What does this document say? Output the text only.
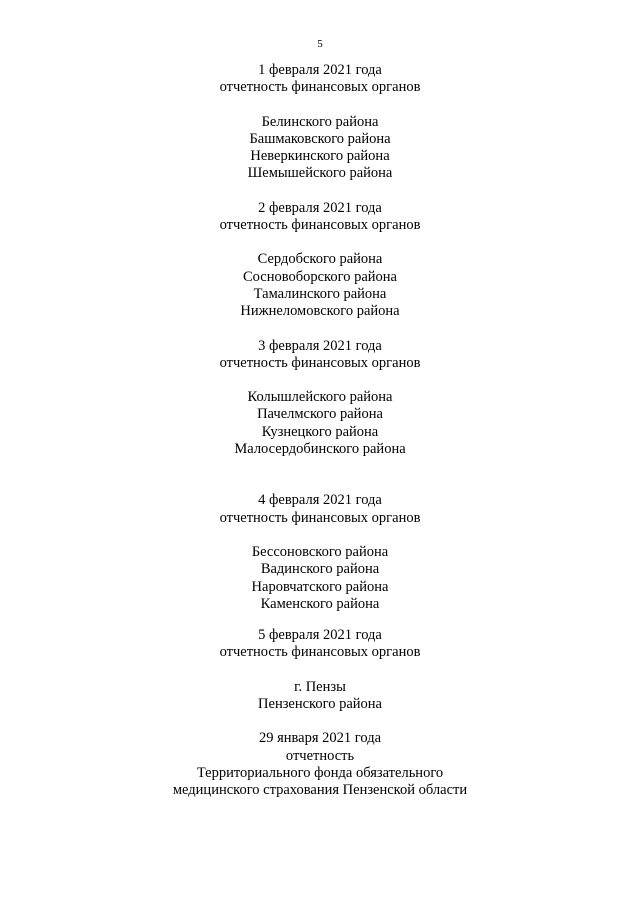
5
1 февраля 2021 года
отчетность финансовых органов
Белинского района
Башмаковского района
Неверкинского района
Шемышейского района
2 февраля 2021 года
отчетность финансовых органов
Сердобского района
Сосновоборского района
Тамалинского района
Нижнеломовского района
3 февраля 2021 года
отчетность финансовых органов
Колышлейского района
Пачелмского района
Кузнецкого района
Малосердобинского района
4 февраля 2021 года
отчетность финансовых органов
Бессоновского района
Вадинского района
Наровчатского района
Каменского района
5 февраля 2021 года
отчетность финансовых органов
г. Пензы
Пензенского района
29 января 2021 года
отчетность
Территориального фонда обязательного
медицинского страхования Пензенской области
